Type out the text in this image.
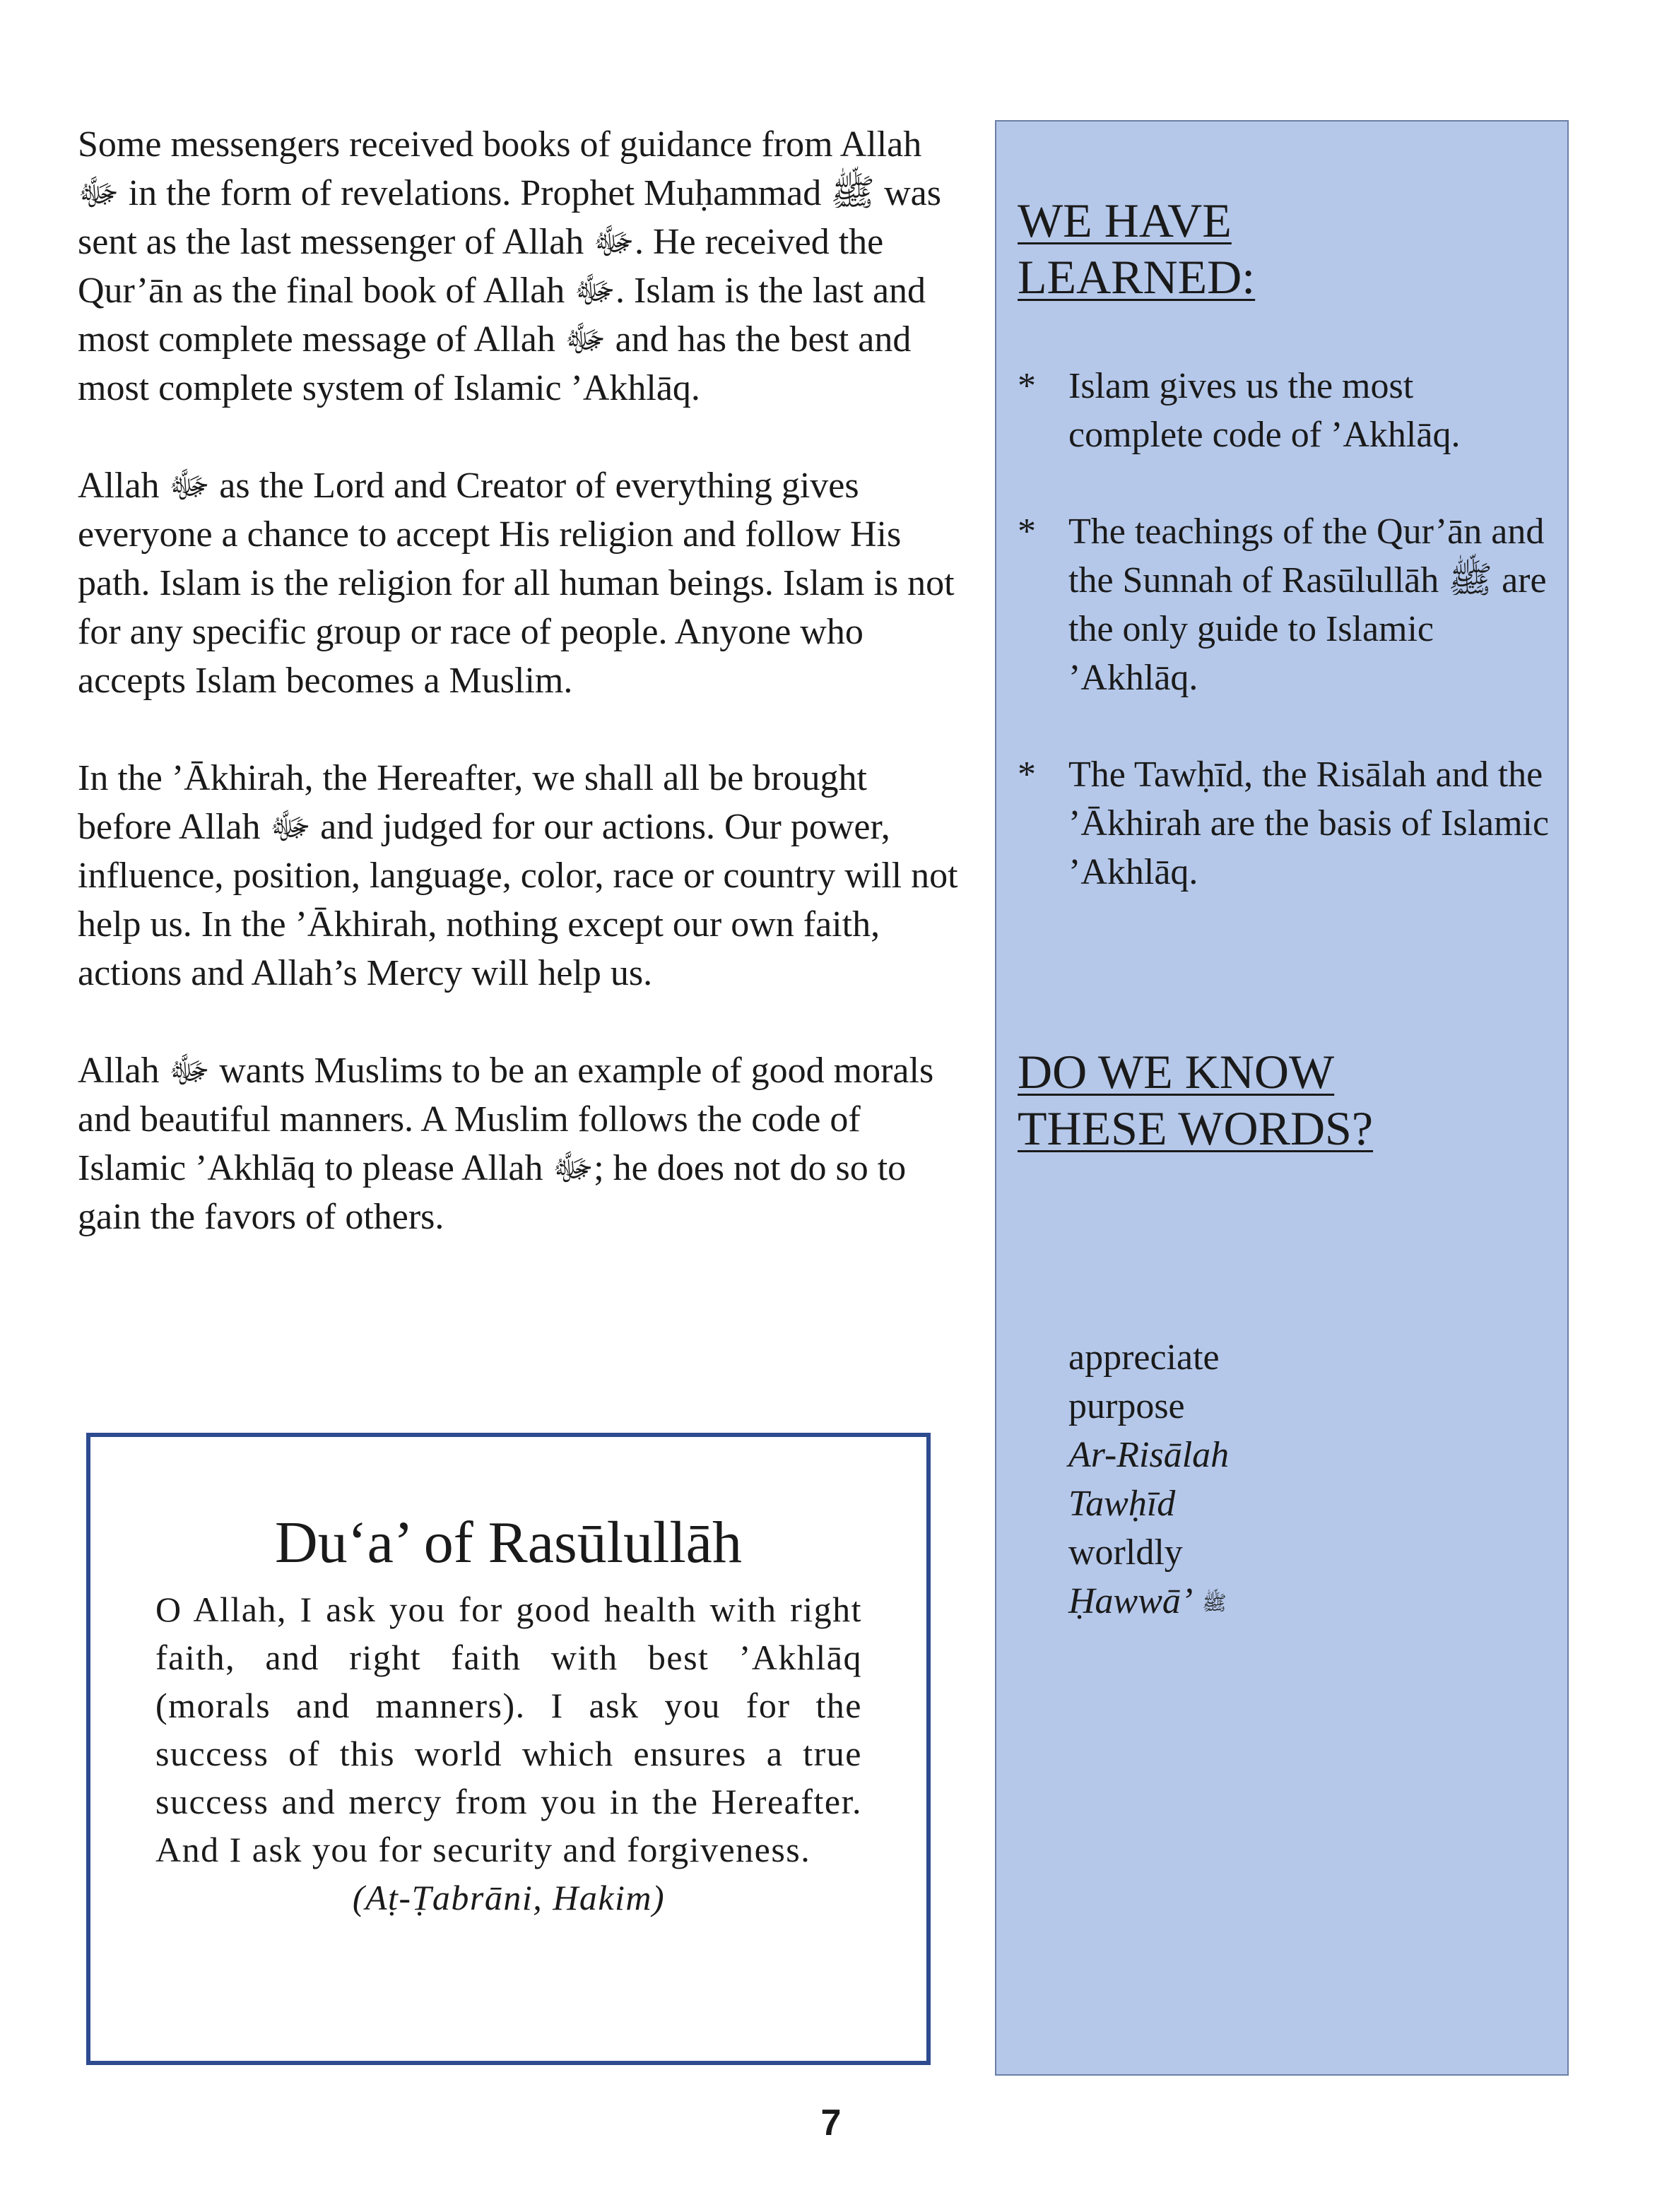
Some messengers received books of guidance from Allah ﷻ in the form of revelations. Prophet Muḥammad ﷺ was sent as the last messenger of Allah ﷻ. He received the Qur’ān as the final book of Allah ﷻ. Islam is the last and most complete message of Allah ﷻ and has the best and most complete system of Islamic ’Akhlāq.

Allah ﷻ as the Lord and Creator of everything gives everyone a chance to accept His religion and follow His path. Islam is the religion for all human beings. Islam is not for any specific group or race of people. Anyone who accepts Islam becomes a Muslim.

In the ’Ākhirah, the Hereafter, we shall all be brought before Allah ﷻ and judged for our actions. Our power, influence, position, language, color, race or country will not help us. In the ’Ākhirah, nothing except our own faith, actions and Allah’s Mercy will help us.

Allah ﷻ wants Muslims to be an example of good morals and beautiful manners. A Muslim follows the code of Islamic ’Akhlāq to please Allah ﷻ; he does not do so to gain the favors of others.

Du‘a’ of Rasūlullāh

O Allah, I ask you for good health with right faith, and right faith with best ’Akhlāq (morals and manners). I ask you for the success of this world which ensures a true success and mercy from you in the Hereafter. And I ask you for security and forgiveness.

(Aṭ-Ṭabrāni, Hakim)
WE HAVE
LEARNED:
* Islam gives us the most complete code of ’Akhlāq.
* The teachings of the Qur’ān and the Sunnah of Rasūlullāh ﷺ are the only guide to Islamic ’Akhlāq.
* The Tawḥīd, the Risālah and the ’Ākhirah are the basis of Islamic ’Akhlāq.
DO WE KNOW
THESE WORDS?
appreciate
purpose
Ar-Risālah
Tawḥīd
worldly
Ḥawwā’ ﷺ
7
